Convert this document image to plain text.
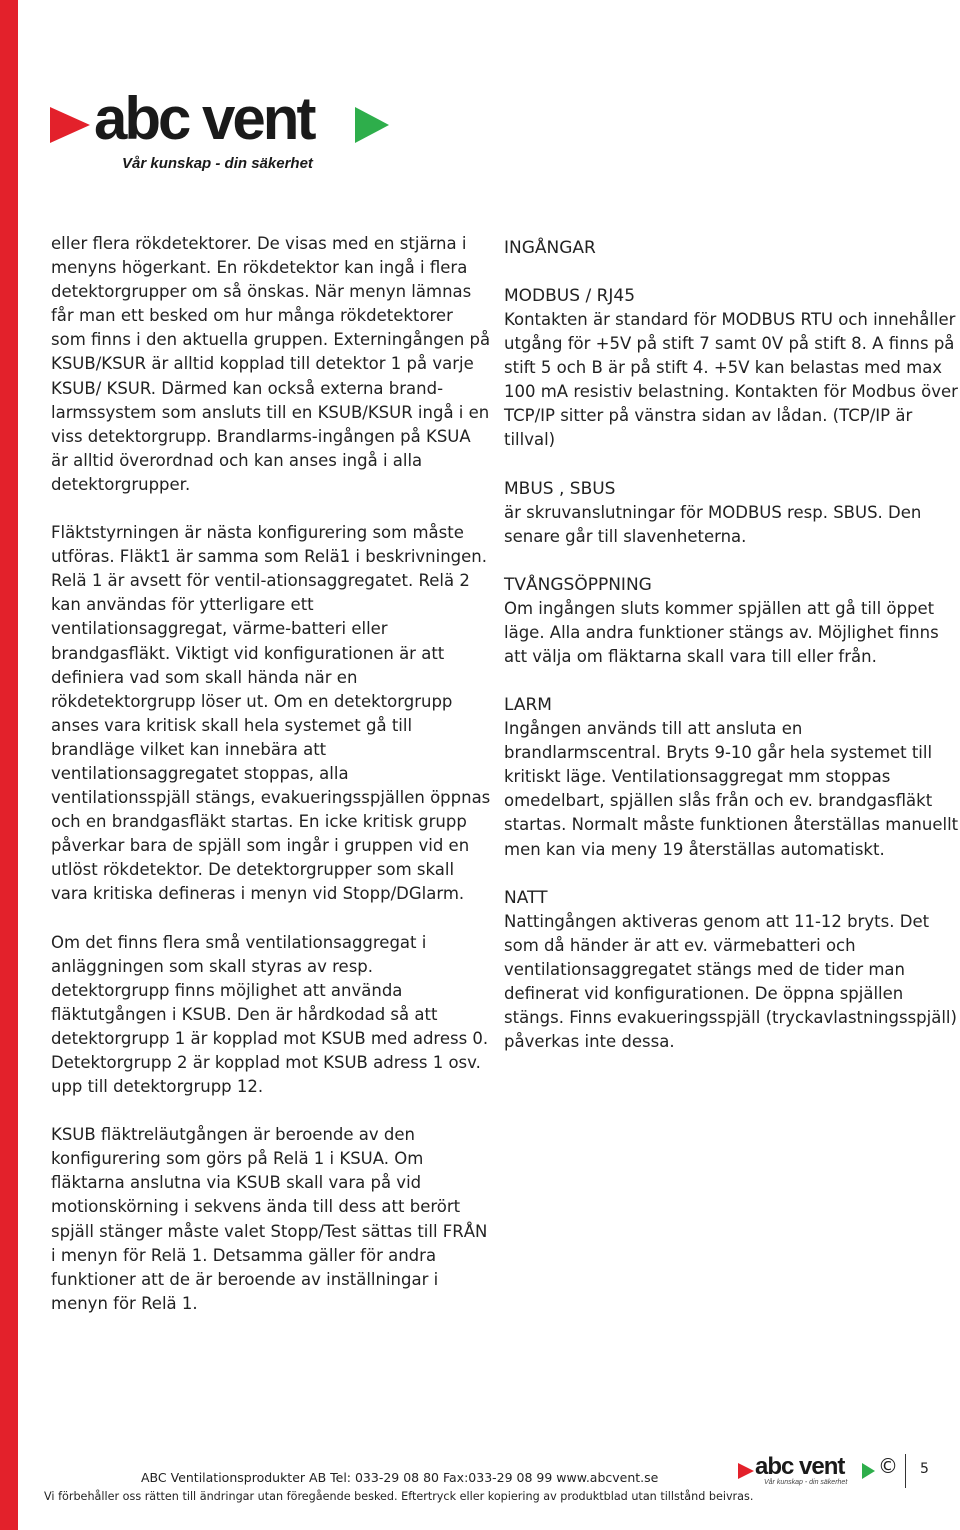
abc vent
Vår kunskap - din säkerhet

eller flera rökdetektorer. De visas med en stjärna i menyns högerkant. En rökdetektor kan ingå i flera detektorgrupper om så önskas. När menyn lämnas får man ett besked om hur många rökdetektorer som finns i den aktuella gruppen. Externingången på KSUB/KSUR är alltid kopplad till detektor 1 på varje KSUB/ KSUR. Därmed kan också externa brand-larmssystem som ansluts till en KSUB/KSUR ingå i en viss detektorgrupp. Brandlarms-ingången på KSUA är alltid överordnad och kan anses ingå i alla detektorgrupper.

Fläktstyrningen är nästa konfigurering som måste utföras. Fläkt1 är samma som Relä1 i beskrivningen. Relä 1 är avsett för ventil-ationsaggregatet. Relä 2 kan användas för ytterligare ett ventilationsaggregat, värme-batteri eller brandgasfläkt. Viktigt vid konfigurationen är att definiera vad som skall hända när en rökdetektorgrupp löser ut. Om en detektorgrupp anses vara kritisk skall hela systemet gå till brandläge vilket kan innebära att ventilationsaggregatet stoppas, alla ventilationsspjäll stängs, evakueringsspjällen öppnas och en brandgasfläkt startas. En icke kritisk grupp påverkar bara de spjäll som ingår i gruppen vid en utlöst rökdetektor. De detektorgrupper som skall vara kritiska defineras i menyn vid Stopp/DGlarm.

Om det finns flera små ventilationsaggregat i anläggningen som skall styras av resp. detektorgrupp finns möjlighet att använda fläktutgången i KSUB. Den är hårdkodad så att detektorgrupp 1 är kopplad mot KSUB med adress 0. Detektorgrupp 2 är kopplad mot KSUB adress 1 osv. upp till detektorgrupp 12.

KSUB fläktreläutgången är beroende av den konfigurering som görs på Relä 1 i KSUA. Om fläktarna anslutna via KSUB skall vara på vid motionskörning i sekvens ända till dess att berört spjäll stänger måste valet Stopp/Test sättas till FRÅN i menyn för Relä 1. Detsamma gäller för andra funktioner att de är beroende av inställningar i menyn för Relä 1.

INGÅNGAR
MODBUS / RJ45

Kontakten är standard för MODBUS RTU och innehåller utgång för +5V på stift 7 samt 0V på stift 8. A finns på stift 5 och B är på stift 4. +5V kan belastas med max 100 mA resistiv belastning. Kontakten för Modbus över TCP/IP sitter på vänstra sidan av lådan. (TCP/IP är tillval)

MBUS , SBUS

är skruvanslutningar för MODBUS resp. SBUS. Den senare går till slavenheterna.

TVÅNGSÖPPNING

Om ingången sluts kommer spjällen att gå till öppet läge. Alla andra funktioner stängs av. Möjlighet finns att välja om fläktarna skall vara till eller från.

LARM

Ingången används till att ansluta en brandlarmscentral. Bryts 9-10 går hela systemet till kritiskt läge. Ventilationsaggregat mm stoppas omedelbart, spjällen slås från och ev. brandgasfläkt startas. Normalt måste funktionen återställas manuellt men kan via meny 19 återställas automatiskt.

NATT

Nattingången aktiveras genom att 11-12 bryts. Det som då händer är att ev. värmebatteri och ventilationsaggregatet stängs med de tider man definerat vid konfigurationen. De öppna spjällen stängs. Finns evakueringsspjäll (tryckavlastningsspjäll) påverkas inte dessa.

ABC Ventilationsprodukter AB Tel: 033-29 08 80 Fax:033-29 08 99 www.abcvent.se
Vi förbehåller oss rätten till ändringar utan föregående besked. Eftertryck eller kopiering av produktblad utan tillstånd beivras.
abc vent
Vår kunskap - din säkerhet
© 5
